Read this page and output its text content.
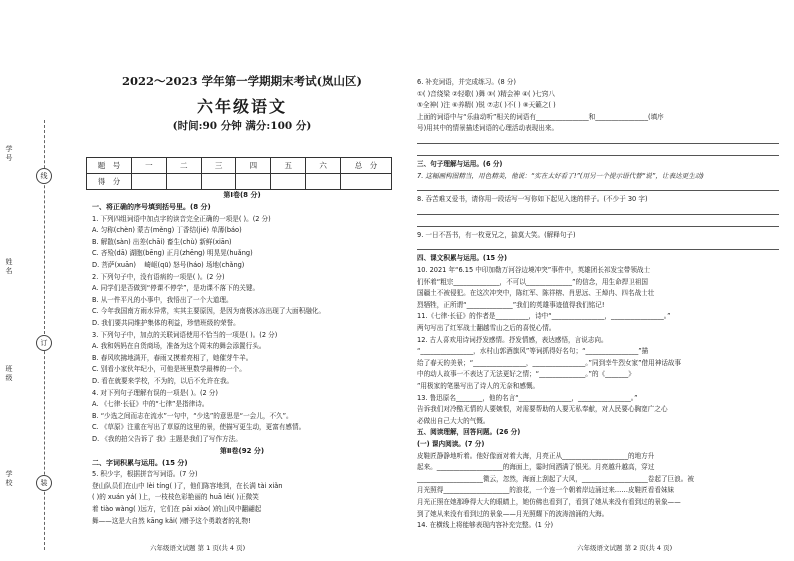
线
订
装
学号
姓名
班级
学校
2022～2023 学年第一学期期末考试(岚山区)
六年级语文
(时间:90 分钟 满分:100 分)
题　号	一	二	三	四	五	六	总　分
得　分							
第Ⅰ卷(8 分)
一、将正确的序号填到括号里。(8 分)
1. 下列四组词语中加点字的读音完全正确的一项是( )。(2 分)
A. 匀称(chèn) 蒙古(měng) 丁香结(jié) 单薄(báo)
B. 解散(sàn) 出差(chāi) 畜生(chù) 新鲜(xiān)
C. 吝殓(dā) 湖胞(bēng) 正月(zhēng) 明晃晃(huǎng)
D. 菩萨(xuān) ㅤ崎岖(qū) 怒号(háo) 场地(chǎng)
2. 下列句子中，没有语病的一项是( )。(2 分)
A. 同学们是否做到“停课不停学”，是功课不落下的关键。
B. 从一件平凡的小事中，我悟出了一个大道理。
C. 今年我国南方雨水异常，实其主要原因，是因为南极冰冻出现了大面积融化。
D. 我们要共同维护集体的利益，珍惜班级的荣誉。
3. 下列句子中，加点的关联词语使用不恰当的一项是( )。(2 分)
A. 我和妈妈在自货商场，准备为这个周末的舞会添置行头。
B. 春风吹拂地满开，春雨又摸着亮相了，她催芽牛羊。
C. 别看小家伙年纪小，可他是班里数学最棒的一个。
D. 看在就要来学校，不为的，以后不允许在我。
4. 对下列句子理解有误的一项是( )。(2 分)
A. 《七律·长征》中的“七律”是指律诗。
B. “少选之间而志在流水”一句中，“少选”的意思是“一会儿，不久”。
C. 《草原》注重在写出了草原的这里的景，使描写更生动，更富有感情。
D. 《我的拍父告诉了 我》主题是我们了写作方法。
第Ⅱ卷(92 分)
二、字词积累与运用。(15 分)
5. 积少字，根据拼音写词语。(7 分)
登山队员们在山中 lèi tíng( )了，他们陈容地到，在长满 tài xiǎn
( )的 xuán yá( )上，一枝枝色彩艳丽的 huā lěi( )正微笑
着 tiào wàng( )远方，它们在 pāi xiào( )的山风中翻翩起
舞——这是大自然 kāng kǎi( )赠予这个勇敢者的礼物!
六年级语文试题 第 1 页(共 4 页)
6. 补充词语，并完成练习。(8 分)
①( )音绕梁 ②轻歌( )舞 ③( )精会神 ④( )七窍八
⑤全神( )注 ⑥养精( )锐 ⑦志( )不( ) ⑧天籁之( )
上面的词语中与“乐曲动听”相关的词语有________________和________________(填序
号)用其中的情景描述词语的心理活动表现出来。
三、句子理解与运用。(6 分)
7. 这幅画构图精当，用色精美，他说：“实在太好看了!”(用另一个提示语代替“说”，让表达更生动)
8. 吞苦难又爱书，请你用一段话写一写你如下起见入迷的样子。(不少于 30 字)
9. 一日不吾书，有一枚竟兄之，揣莫大笑。(解释句子)
四、课文积累与运用。(15 分)
10. 2021 年“6.15 中印加勒万河谷边境冲突”事件中，英雄团长祁发宝带领战士
们怀着“粗宗______________，不可以______________”的信念，用生命捍卫祖国
国疆土不被侵犯。在这次冲突中，陈红军、陈祥榕、肖思远、王焯冉、四名战士壮
烈牺牲，正所谓“______________”我们的英雄事迹值得我们铭记!
11.《七律·长征》的作者是__________，诗中“________________，________________。”
两句写出了红军战士翻越雪山之后的喜悦心情。
12. 古人喜欢用诗词抒发感情。抒发情感，表达感悟，言说志向。
“________________，水村山郭酒旗风”等词抓得好名句；“________________”描
给了春天的美景；“________________，________________。”同到幸牛烈女家”借用神话故事
中的动人故事一不表达了无法更好之情；“______________。”的《_______》
”用极家的笔墨写出了诗人的无奈和感慨。
13. 鲁迅原名________，他的名言“________________，________________。”
告诉我们对冷酷无情的人要嫉恨，对需要帮助的人要无私奉献，对人民要心胸宽广之心
必做出自己大大的气慨。
五、阅读理解，回答问题。(26 分)
(一) 课内阅读。(7 分)
皮鞋匠静静地听着。他好像面对着大海，月亮正从____________________的地方升
起来。____________________的海面上，霎时间洒满了银光。月亮越升越高，穿过
____________________微云，忽然，海面上刮起了大风，____________________卷起了巨浪。被
月光照得____________________的浪花，一个连一个朝着岸边涌过来……皮鞋匠看看妹妹
月光正照在她那睁得大大的眼睛上，她仿佛也看到了，看到了她从来没有看到过的景象——
到了她从来没有看到过的景象——月光照耀下的波涛汹涌的大海。
14. 在横线上将能够表现内容补充完整。(1 分)
六年级语文试题 第 2 页(共 4 页)
